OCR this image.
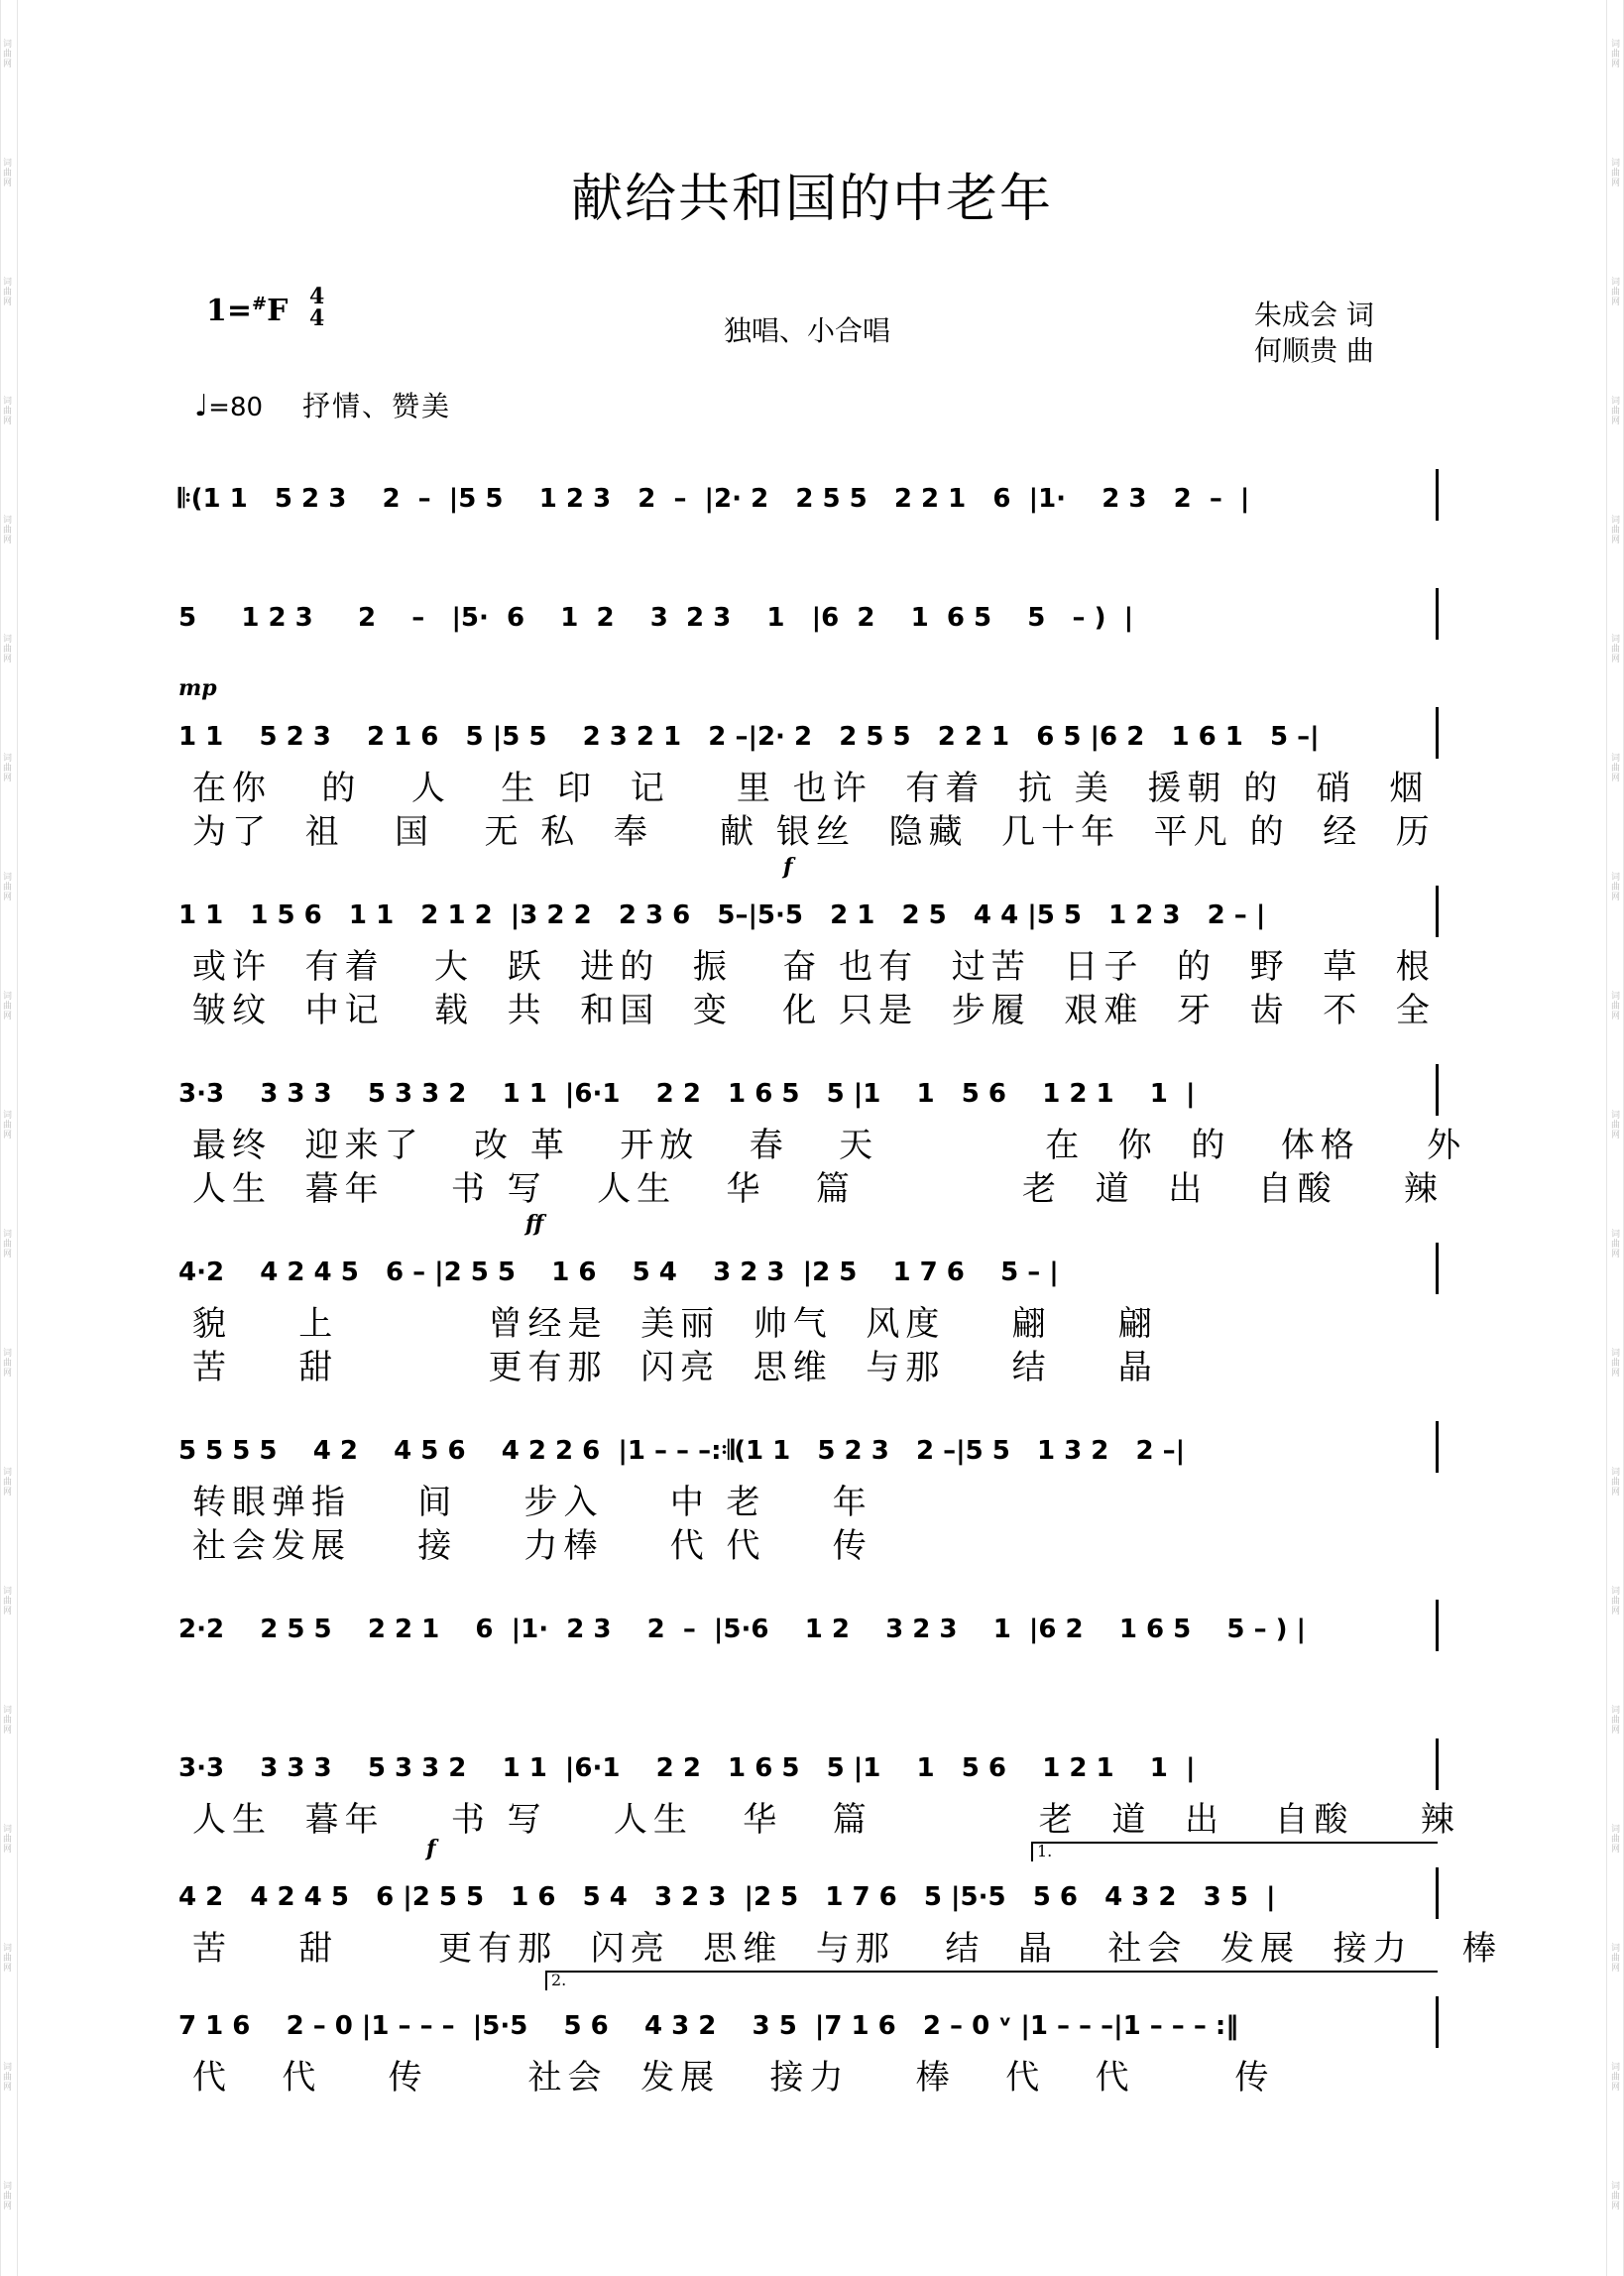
献给共和国的中老年
1=#F 4
4	独唱、小合唱	朱成会 词
何顺贵 曲
♩=80 抒情、赞美
𝄆(1 1   5 2 3    2  –  |5 5    1 2 3   2  –  |2· 2   2 5 5   2 2 1   6  |1·    2 3   2  –  |
5     1 2 3     2    –   |5·  6    1  2    3  2 3    1   |6  2    1  6 5    5   – )  |
1 1    5 2 3    2 1 6   5 |5 5    2 3 2 1   2 –|2· 2   2 5 5   2 2 1   6 5 |6 2   1 6 1   5 –|
mp
在你   的   人   生 印  记    里 也许  有着  抗 美  援朝 的  硝  烟
为了  祖   国   无 私  奉    献 银丝  隐藏  几十年  平凡 的  经  历
1 1   1 5 6   1 1   2 1 2  |3 2 2   2 3 6   5–|5·5   2 1   2 5   4 4 |5 5   1 2 3   2 – |
f
或许  有着   大  跃  进的  振   奋 也有  过苦  日子  的  野  草  根
皱纹  中记   载  共  和国  变   化 只是  步履  艰难  牙  齿  不  全
3·3    3 3 3    5 3 3 2    1 1  |6·1    2 2   1 6 5   5 |1    1   5 6    1 2 1    1  |
最终  迎来了   改 革   开放   春   天          在  你  的   体格    外
人生  暮年    书 写   人生   华   篇          老  道  出   自酸    辣
4·2    4 2 4 5   6 – |2 5 5    1 6    5 4    3 2 3  |2 5    1 7 6    5 – |
ff
貌    上         曾经是  美丽  帅气  风度    翩    翩
苦    甜         更有那  闪亮  思维  与那    结    晶
5 5 5 5    4 2    4 5 6    4 2 2 6  |1 – – –:𝄇(1 1   5 2 3   2 –|5 5   1 3 2   2 –|
转眼弹指    间    步入    中 老    年
社会发展    接    力棒    代 代    传
2·2    2 5 5    2 2 1    6  |1·  2 3    2  –  |5·6    1 2    3 2 3    1  |6 2    1 6 5    5 – ) |
3·3    3 3 3    5 3 3 2    1 1  |6·1    2 2   1 6 5   5 |1    1   5 6    1 2 1    1  |
人生  暮年    书 写    人生   华   篇          老  道  出   自酸    辣
4 2   4 2 4 5   6 |2 5 5   1 6   5 4   3 2 3  |2 5   1 7 6   5 |5·5   5 6   4 3 2   3 5  |
f	1.
苦    甜      更有那  闪亮  思维  与那   结  晶   社会  发展  接力   棒
7 1 6    2 – 0 |1 – – –  |5·5    5 6    4 3 2    3 5  |7 1 6   2 – 0 ᵛ |1 – – –|1 – – – :‖
2.
代   代    传      社会  发展   接力    棒   代   代      传
词曲网
词曲网
词曲网
词曲网
词曲网
词曲网
词曲网
词曲网
词曲网
词曲网
词曲网
词曲网
词曲网
词曲网
词曲网
词曲网
词曲网
词曲网
词曲网
词曲网
词曲网
词曲网
词曲网
词曲网
词曲网
词曲网
词曲网
词曲网
词曲网
词曲网
词曲网
词曲网
词曲网
词曲网
词曲网
词曲网
词曲网
词曲网
